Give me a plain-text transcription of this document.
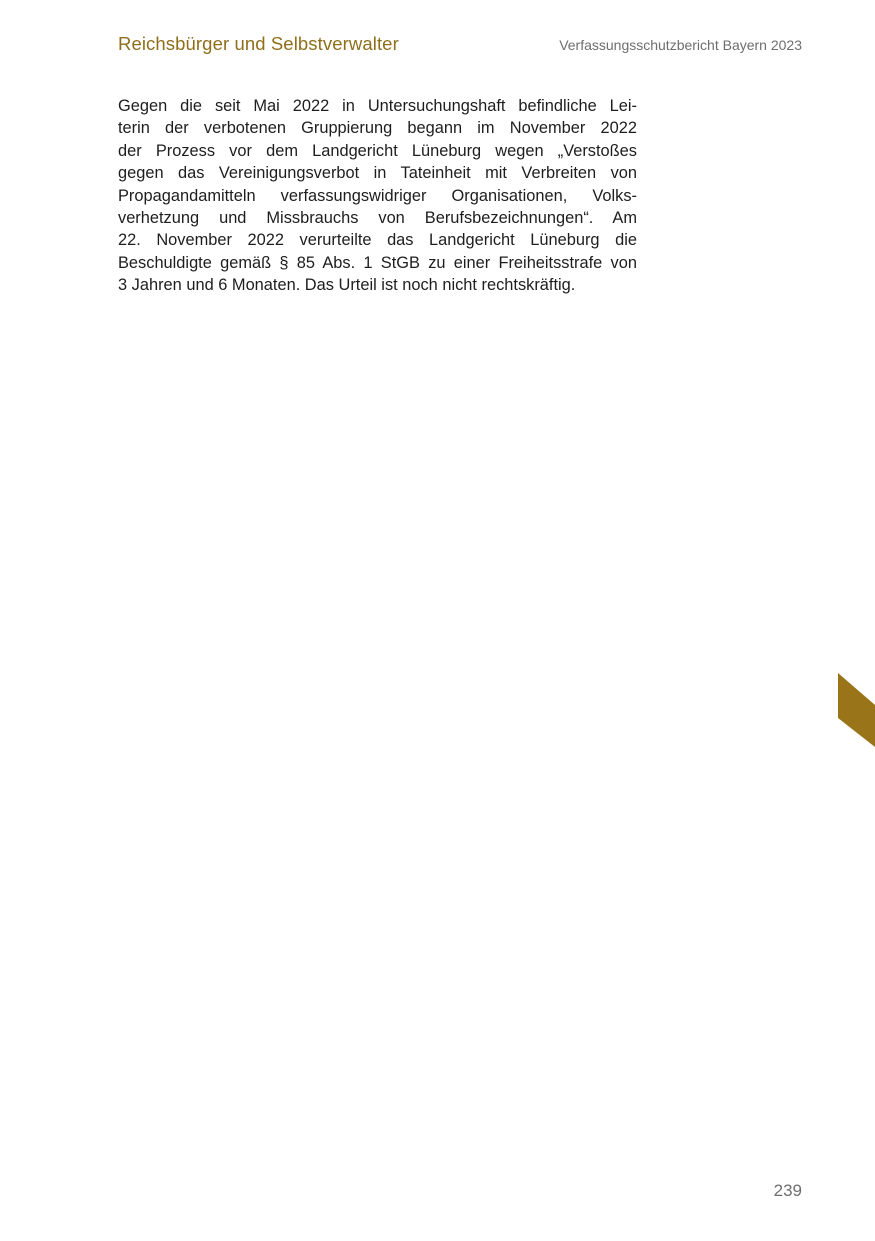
Reichsbürger und Selbstverwalter	Verfassungsschutzbericht Bayern 2023
Gegen die seit Mai 2022 in Untersuchungshaft befindliche Lei-
terin der verbotenen Gruppierung begann im November 2022
der Prozess vor dem Landgericht Lüneburg wegen „Verstoßes
gegen das Vereinigungsverbot in Tateinheit mit Verbreiten von
Propagandamitteln verfassungswidriger Organisationen, Volks-
verhetzung und Missbrauchs von Berufsbezeichnungen“. Am
22. November 2022 verurteilte das Landgericht Lüneburg die
Beschuldigte gemäß § 85 Abs. 1 StGB zu einer Freiheitsstrafe von
3 Jahren und 6 Monaten. Das Urteil ist noch nicht rechtskräftig.
239
